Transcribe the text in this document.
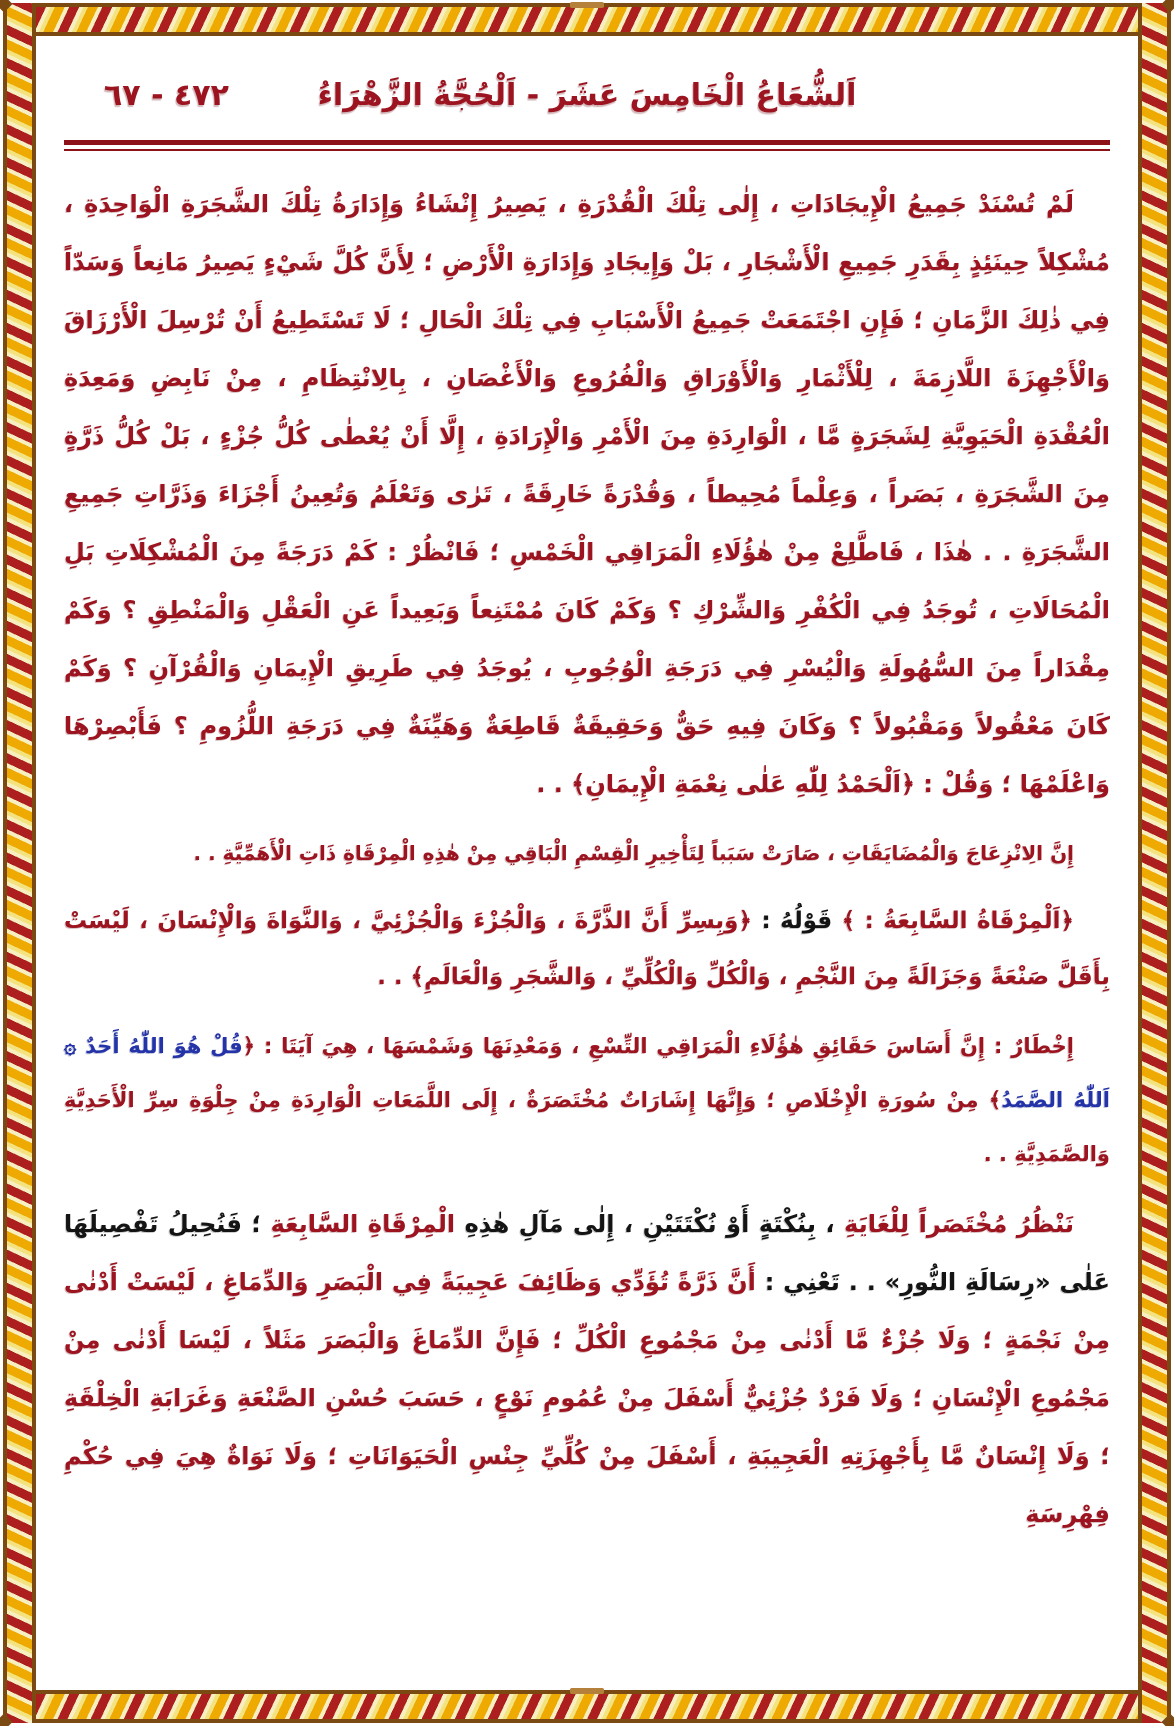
اَلشُّعَاعُ الْخَامِسَ عَشَرَ - اَلْحُجَّةُ الزَّهْرَاءُ
٤٧٢ - ٦٧

لَمْ تُسْنَدْ جَمِيعُ الْإِيجَادَاتِ ، إِلٰى تِلْكَ الْقُدْرَةِ ، يَصِيرُ إِنْشَاءُ وَإِدَارَةُ تِلْكَ الشَّجَرَةِ الْوَاحِدَةِ ، مُشْكِلاً حِينَئِذٍ بِقَدَرِ جَمِيعِ الْأَشْجَارِ ، بَلْ وَإِيجَادِ وَإِدَارَةِ الْأَرْضِ ؛ لِأَنَّ كُلَّ شَيْءٍ يَصِيرُ مَانِعاً وَسَدّاً فِي ذٰلِكَ الزَّمَانِ ؛ فَإِنِ اجْتَمَعَتْ جَمِيعُ الْأَسْبَابِ فِي تِلْكَ الْحَالِ ؛ لَا تَسْتَطِيعُ أَنْ تُرْسِلَ الْأَرْزَاقَ وَالْأَجْهِزَةَ اللَّازِمَةَ ، لِلْأَثْمَارِ وَالْأَوْرَاقِ وَالْفُرُوعِ وَالْأَغْصَانِ ، بِالِانْتِظَامِ ، مِنْ نَابِضِ وَمَعِدَةِ الْعُقْدَةِ الْحَيَوِيَّةِ لِشَجَرَةٍ مَّا ، الْوَارِدَةِ مِنَ الْأَمْرِ وَالْإِرَادَةِ ، إِلَّا أَنْ يُعْطٰى كُلُّ جُزْءٍ ، بَلْ كُلُّ ذَرَّةٍ مِنَ الشَّجَرَةِ ، بَصَراً ، وَعِلْماً مُحِيطاً ، وَقُدْرَةً خَارِقَةً ، تَرٰى وَتَعْلَمُ وَتُعِينُ أَجْزَاءَ وَذَرَّاتِ جَمِيعِ الشَّجَرَةِ . . هٰذَا ، فَاطَّلِعْ مِنْ هٰؤُلَاءِ الْمَرَاقِي الْخَمْسِ ؛ فَانْظُرْ : كَمْ دَرَجَةً مِنَ الْمُشْكِلَاتِ بَلِ الْمُحَالَاتِ ، تُوجَدُ فِي الْكُفْرِ وَالشِّرْكِ ؟ وَكَمْ كَانَ مُمْتَنِعاً وَبَعِيداً عَنِ الْعَقْلِ وَالْمَنْطِقِ ؟ وَكَمْ مِقْدَاراً مِنَ السُّهُولَةِ وَالْيُسْرِ فِي دَرَجَةِ الْوُجُوبِ ، يُوجَدُ فِي طَرِيقِ الْإِيمَانِ وَالْقُرْآنِ ؟ وَكَمْ كَانَ مَعْقُولاً وَمَقْبُولاً ؟ وَكَانَ فِيهِ حَقٌّ وَحَقِيقَةٌ قَاطِعَةٌ وَهَيِّنَةٌ فِي دَرَجَةِ اللُّزُومِ ؟ فَأَبْصِرْهَا وَاعْلَمْهَا ؛ وَقُلْ : ﴿اَلْحَمْدُ لِلّٰهِ عَلٰى نِعْمَةِ الْإِيمَانِ﴾ . .

إِنَّ الِانْزِعَاجَ وَالْمُضَايَقَاتِ ، صَارَتْ سَبَباً لِتَأْخِيرِ الْقِسْمِ الْبَاقِي مِنْ هٰذِهِ الْمِرْقَاةِ ذَاتِ الْأَهَمِّيَّةِ . .

﴿اَلْمِرْقَاةُ السَّابِعَةُ : ﴾ قَوْلُهُ : ﴿وَبِسِرِّ أَنَّ الذَّرَّةَ ، وَالْجُزْءَ وَالْجُزْئِيَّ ، وَالنَّوَاةَ وَالْإِنْسَانَ ، لَيْسَتْ بِأَقَلَّ صَنْعَةً وَجَزَالَةً مِنَ النَّجْمِ ، وَالْكُلِّ وَالْكُلِّيِّ ، وَالشَّجَرِ وَالْعَالَمِ﴾ . .

إِخْطَارٌ : إِنَّ أَسَاسَ حَقَائِقِ هٰؤُلَاءِ الْمَرَاقِي التِّسْعِ ، وَمَعْدِنَهَا وَشَمْسَهَا ، هِيَ آيَتَا : ﴿قُلْ هُوَ اللّٰهُ أَحَدٌ ۞ اَللّٰهُ الصَّمَدُ﴾ مِنْ سُورَةِ الْإِخْلَاصِ ؛ وَإِنَّهَا إِشَارَاتٌ مُخْتَصَرَةٌ ، إِلَى اللَّمَعَاتِ الْوَارِدَةِ مِنْ جِلْوَةِ سِرِّ الْأَحَدِيَّةِ وَالصَّمَدِيَّةِ . .

نَنْظُرُ مُخْتَصَراً لِلْغَايَةِ ، بِنُكْتَةٍ أَوْ نُكْتَتَيْنِ ، إِلٰى مَآلِ هٰذِهِ الْمِرْقَاةِ السَّابِعَةِ ؛ فَنُحِيلُ تَفْصِيلَهَا عَلٰى «رِسَالَةِ النُّورِ» . . تَعْنِي : أَنَّ ذَرَّةً تُؤَدِّي وَظَائِفَ عَجِيبَةً فِي الْبَصَرِ وَالدِّمَاغِ ، لَيْسَتْ أَدْنٰى مِنْ نَجْمَةٍ ؛ وَلَا جُزْءٌ مَّا أَدْنٰى مِنْ مَجْمُوعِ الْكُلِّ ؛ فَإِنَّ الدِّمَاغَ وَالْبَصَرَ مَثَلاً ، لَيْسَا أَدْنٰى مِنْ مَجْمُوعِ الْإِنْسَانِ ؛ وَلَا فَرْدٌ جُزْئِيٌّ أَسْفَلَ مِنْ عُمُومِ نَوْعٍ ، حَسَبَ حُسْنِ الصَّنْعَةِ وَغَرَابَةِ الْخِلْقَةِ ؛ وَلَا إِنْسَانٌ مَّا بِأَجْهِزَتِهِ الْعَجِيبَةِ ، أَسْفَلَ مِنْ كُلِّيِّ جِنْسِ الْحَيَوَانَاتِ ؛ وَلَا نَوَاةٌ هِيَ فِي حُكْمِ فِهْرِسَةِ
